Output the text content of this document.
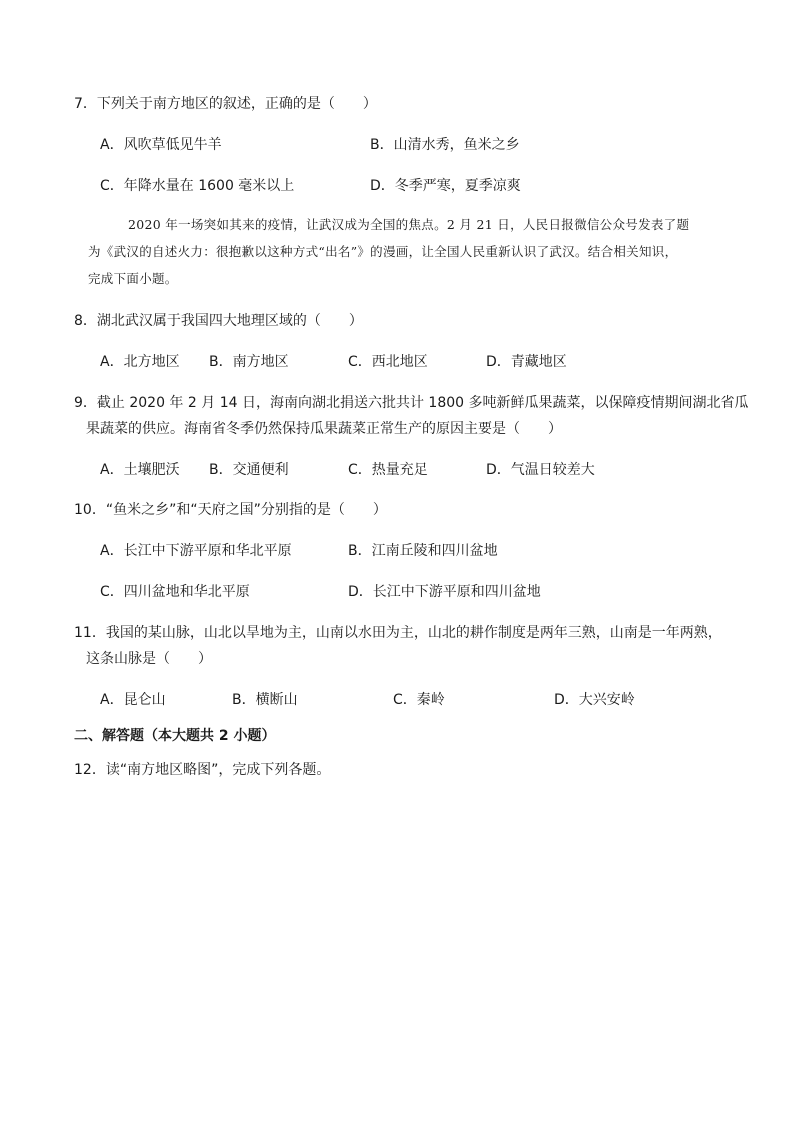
7．下列关于南方地区的叙述，正确的是（　　）
A．风吹草低见牛羊	B．山清水秀，鱼米之乡
C．年降水量在 1600 毫米以上	D．冬季严寒，夏季凉爽
2020 年一场突如其来的疫情，让武汉成为全国的焦点。2 月 21 日，人民日报微信公众号发表了题
为《武汉的自述火力：很抱歉以这种方式“出名”》的漫画，让全国人民重新认识了武汉。结合相关知识，
完成下面小题。
8．湖北武汉属于我国四大地理区域的（　　）
A．北方地区 B．南方地区	C．西北地区	D．青藏地区
9．截止 2020 年 2 月 14 日，海南向湖北捐送六批共计 1800 多吨新鲜瓜果蔬菜，以保障疫情期间湖北省瓜
果蔬菜的供应。海南省冬季仍然保持瓜果蔬菜正常生产的原因主要是（　　）
A．土壤肥沃 B．交通便利	C．热量充足	D．气温日较差大
10．“鱼米之乡”和“天府之国”分别指的是（　　）
A．长江中下游平原和华北平原	B．江南丘陵和四川盆地
C．四川盆地和华北平原	D．长江中下游平原和四川盆地
11．我国的某山脉，山北以旱地为主，山南以水田为主，山北的耕作制度是两年三熟，山南是一年两熟，
这条山脉是（　　）
A．昆仑山	B．横断山	C．秦岭	D．大兴安岭
二、解答题（本大题共 2 小题）
12．读“南方地区略图”，完成下列各题。
